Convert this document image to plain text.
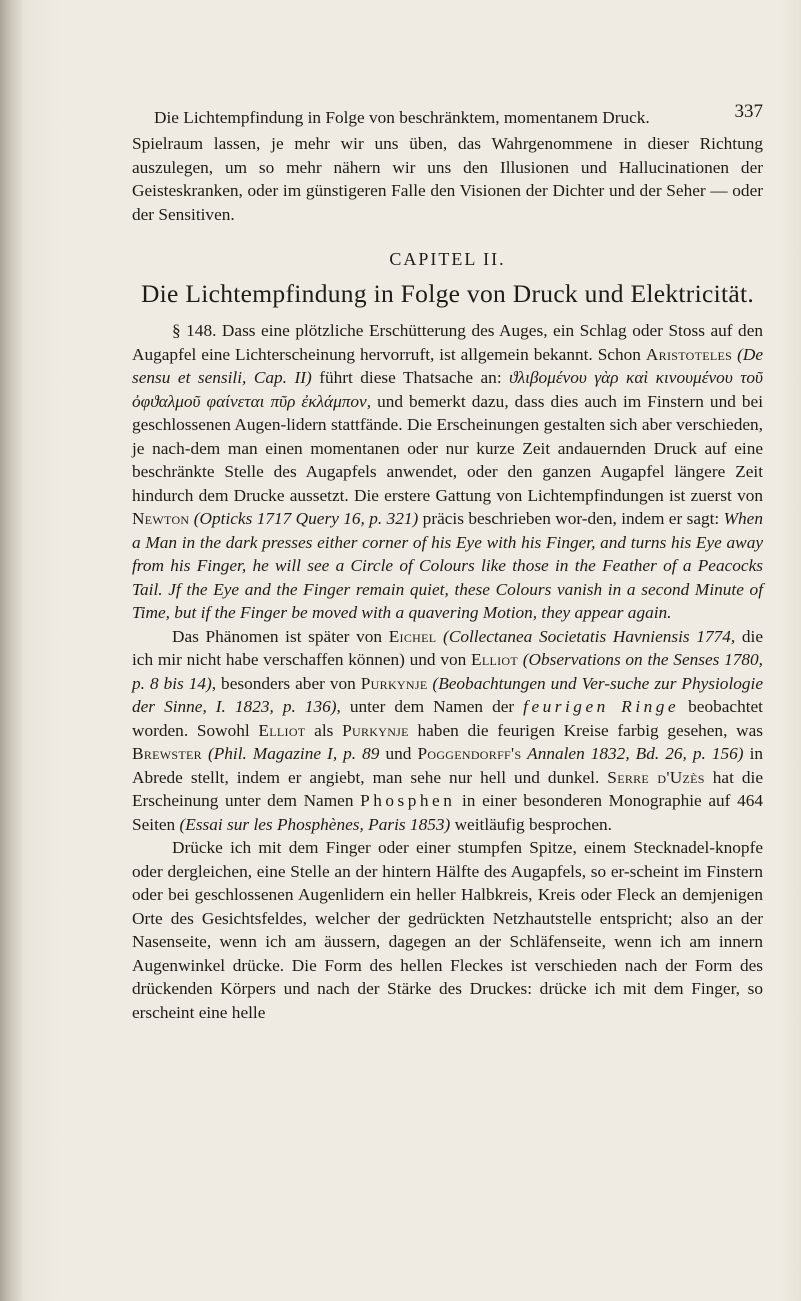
Die Lichtempfindung in Folge von beschränktem, momentanem Druck.	337

Spielraum lassen, je mehr wir uns üben, das Wahrgenommene in dieser Richtung auszulegen, um so mehr nähern wir uns den Illusionen und Hallucinationen der Geisteskranken, oder im günstigeren Falle den Visionen der Dichter und der Seher — oder der Sensitiven.

CAPITEL II.
Die Lichtempfindung in Folge von Druck und Elektricität.

§ 148. Dass eine plötzliche Erschütterung des Auges, ein Schlag oder Stoss auf den Augapfel eine Lichterscheinung hervorruft, ist allgemein bekannt. Schon Aristoteles (De sensu et sensili, Cap. II) führt diese Thatsache an: ϑλιβομένου γὰρ καὶ κινουμένου τοῦ ὀφϑαλμοῦ φαίνεται πῦρ ἐκλάμπον, und bemerkt dazu, dass dies auch im Finstern und bei geschlossenen Augen-lidern stattfände. Die Erscheinungen gestalten sich aber verschieden, je nach-dem man einen momentanen oder nur kurze Zeit andauernden Druck auf eine beschränkte Stelle des Augapfels anwendet, oder den ganzen Augapfel längere Zeit hindurch dem Drucke aussetzt. Die erstere Gattung von Lichtempfindungen ist zuerst von Newton (Opticks 1717 Query 16, p. 321) präcis beschrieben wor-den, indem er sagt: When a Man in the dark presses either corner of his Eye with his Finger, and turns his Eye away from his Finger, he will see a Circle of Colours like those in the Feather of a Peacocks Tail. Jf the Eye and the Finger remain quiet, these Colours vanish in a second Minute of Time, but if the Finger be moved with a quavering Motion, they appear again.

Das Phänomen ist später von Eichel (Collectanea Societatis Havniensis 1774, die ich mir nicht habe verschaffen können) und von Elliot (Observations on the Senses 1780, p. 8 bis 14), besonders aber von Purkynje (Beobachtungen und Ver-suche zur Physiologie der Sinne, I. 1823, p. 136), unter dem Namen der feurigen Ringe beobachtet worden. Sowohl Elliot als Purkynje haben die feurigen Kreise farbig gesehen, was Brewster (Phil. Magazine I, p. 89 und Poggendorff's Annalen 1832, Bd. 26, p. 156) in Abrede stellt, indem er angiebt, man sehe nur hell und dunkel. Serre d'Uzès hat die Erscheinung unter dem Namen Phosphen in einer besonderen Monographie auf 464 Seiten (Essai sur les Phosphènes, Paris 1853) weitläufig besprochen.

Drücke ich mit dem Finger oder einer stumpfen Spitze, einem Stecknadel-knopfe oder dergleichen, eine Stelle an der hintern Hälfte des Augapfels, so er-scheint im Finstern oder bei geschlossenen Augenlidern ein heller Halbkreis, Kreis oder Fleck an demjenigen Orte des Gesichtsfeldes, welcher der gedrückten Netzhautstelle entspricht; also an der Nasenseite, wenn ich am äussern, dagegen an der Schläfenseite, wenn ich am innern Augenwinkel drücke. Die Form des hellen Fleckes ist verschieden nach der Form des drückenden Körpers und nach der Stärke des Druckes: drücke ich mit dem Finger, so erscheint eine helle
